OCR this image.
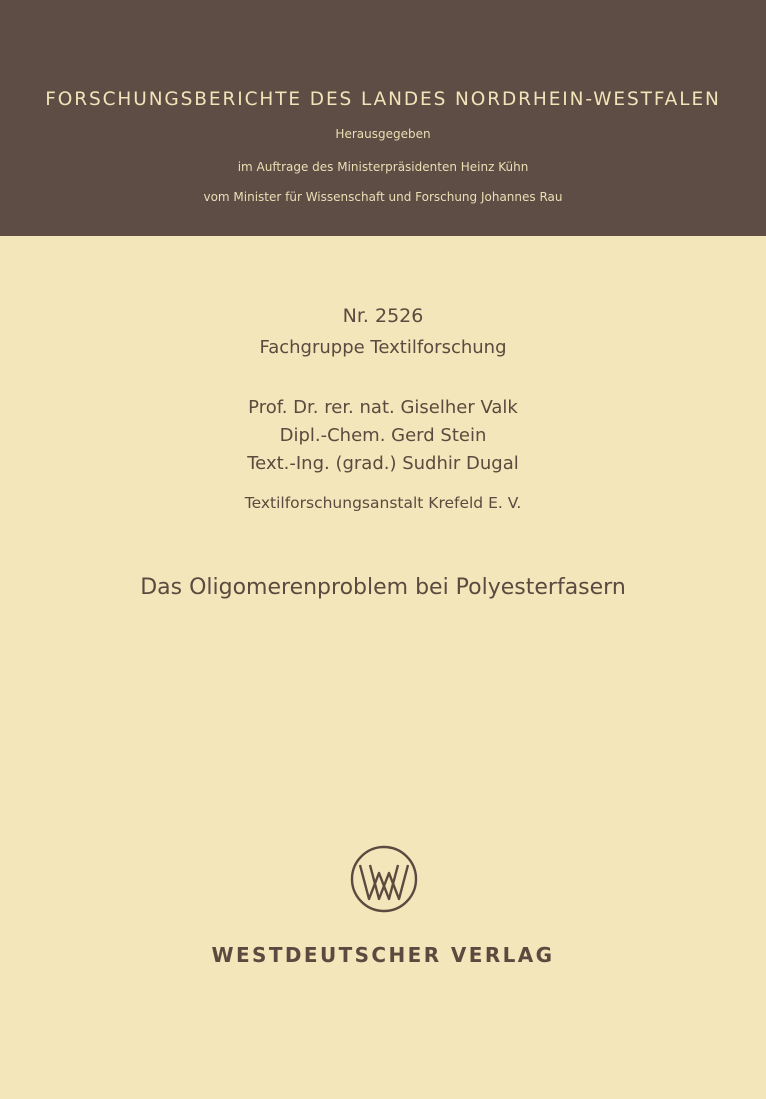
FORSCHUNGSBERICHTE DES LANDES NORDRHEIN-WESTFALEN
Herausgegeben
im Auftrage des Ministerpräsidenten Heinz Kühn
vom Minister für Wissenschaft und Forschung Johannes Rau
Nr. 2526
Fachgruppe Textilforschung
Prof. Dr. rer. nat. Giselher Valk
Dipl.-Chem. Gerd Stein
Text.-Ing. (grad.) Sudhir Dugal
Textilforschungsanstalt Krefeld E. V.
Das Oligomerenproblem bei Polyesterfasern
WESTDEUTSCHER VERLAG
